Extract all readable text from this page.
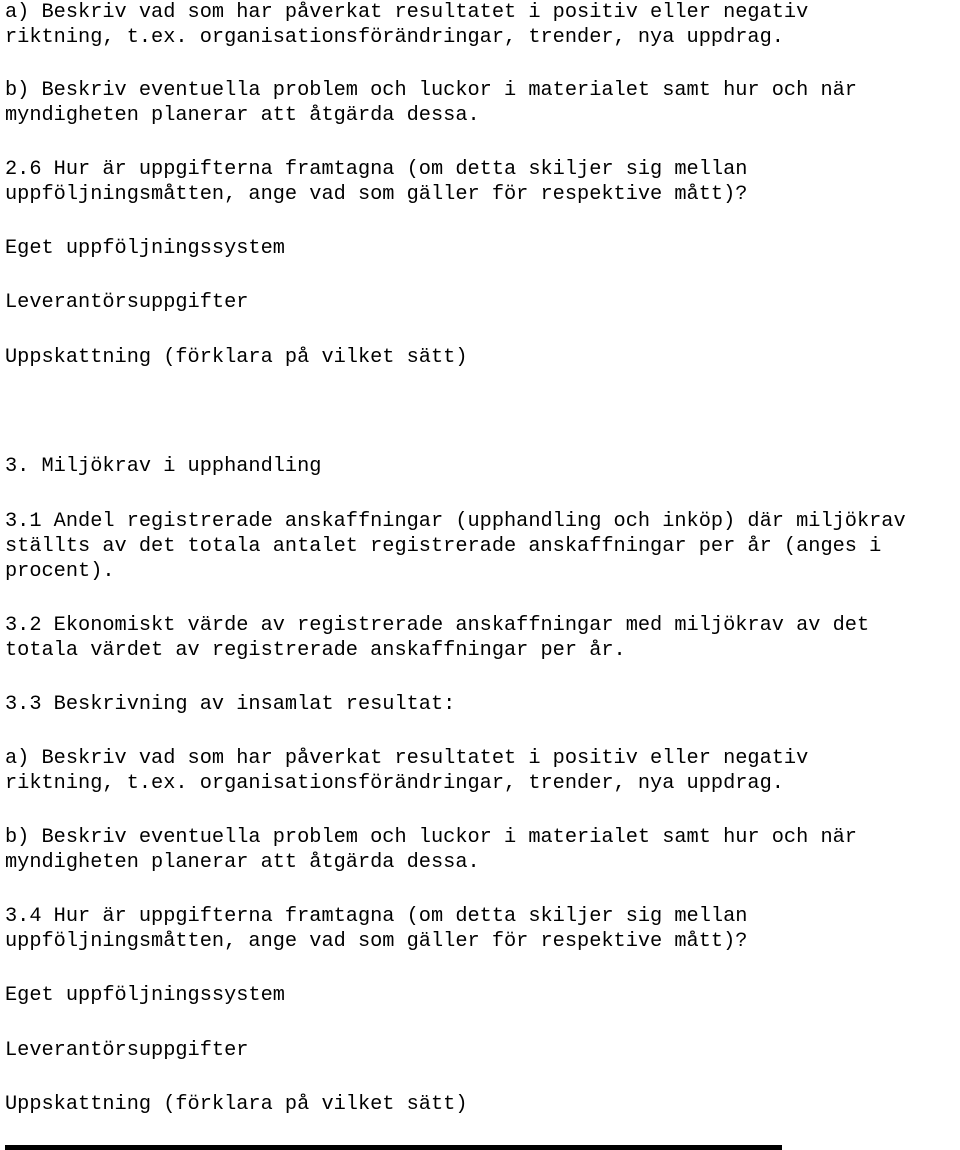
a) Beskriv vad som har påverkat resultatet i positiv eller negativ
riktning, t.ex. organisationsförändringar, trender, nya uppdrag.
b) Beskriv eventuella problem och luckor i materialet samt hur och när
myndigheten planerar att åtgärda dessa.
2.6 Hur är uppgifterna framtagna (om detta skiljer sig mellan
uppföljningsmåtten, ange vad som gäller för respektive mått)?
Eget uppföljningssystem
Leverantörsuppgifter
Uppskattning (förklara på vilket sätt)
3. Miljökrav i upphandling
3.1 Andel registrerade anskaffningar (upphandling och inköp) där miljökrav
ställts av det totala antalet registrerade anskaffningar per år (anges i
procent).
3.2 Ekonomiskt värde av registrerade anskaffningar med miljökrav av det
totala värdet av registrerade anskaffningar per år.
3.3 Beskrivning av insamlat resultat:
a) Beskriv vad som har påverkat resultatet i positiv eller negativ
riktning, t.ex. organisationsförändringar, trender, nya uppdrag.
b) Beskriv eventuella problem och luckor i materialet samt hur och när
myndigheten planerar att åtgärda dessa.
3.4 Hur är uppgifterna framtagna (om detta skiljer sig mellan
uppföljningsmåtten, ange vad som gäller för respektive mått)?
Eget uppföljningssystem
Leverantörsuppgifter
Uppskattning (förklara på vilket sätt)
